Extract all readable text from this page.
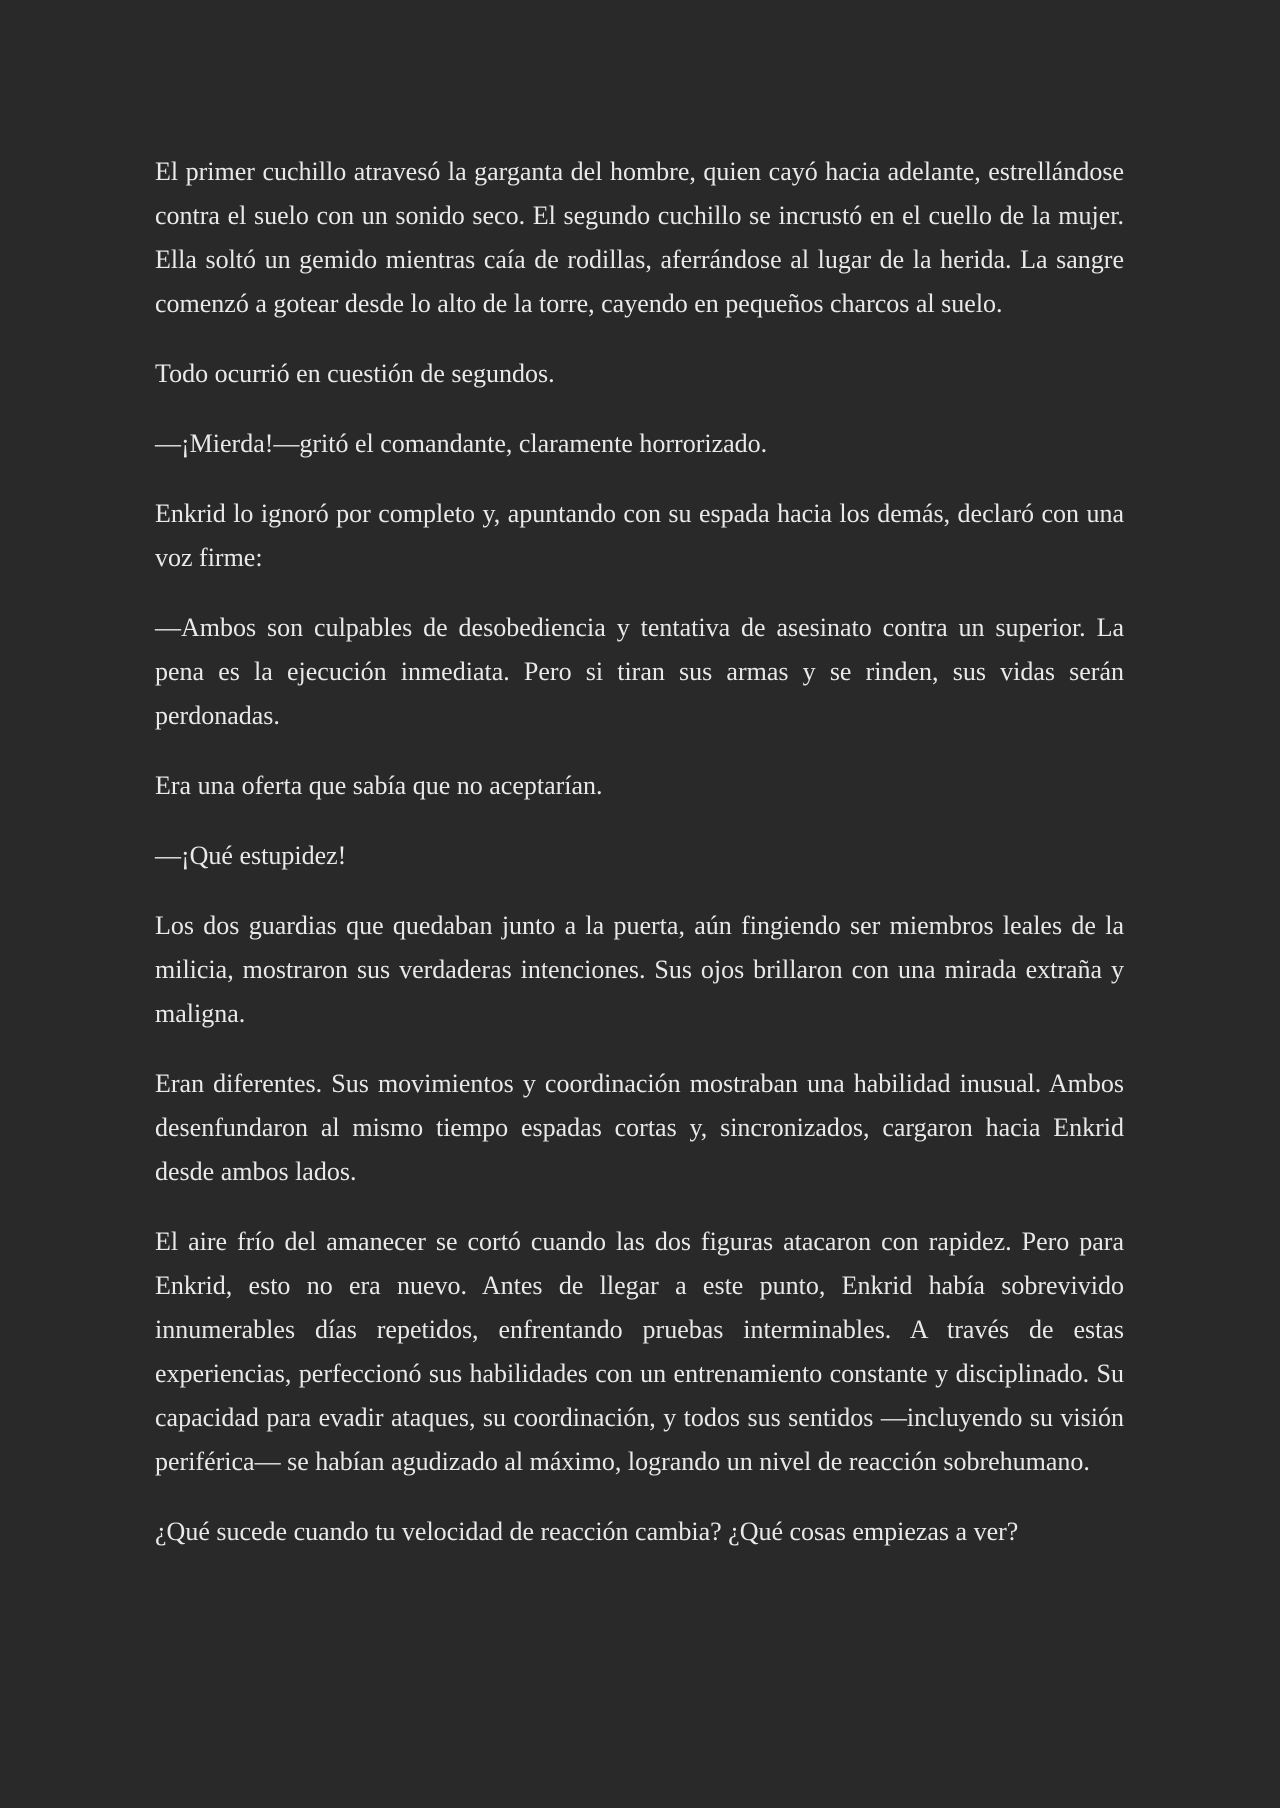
El primer cuchillo atravesó la garganta del hombre, quien cayó hacia adelante, estrellándose contra el suelo con un sonido seco. El segundo cuchillo se incrustó en el cuello de la mujer. Ella soltó un gemido mientras caía de rodillas, aferrándose al lugar de la herida. La sangre comenzó a gotear desde lo alto de la torre, cayendo en pequeños charcos al suelo.

Todo ocurrió en cuestión de segundos.

—¡Mierda!—gritó el comandante, claramente horrorizado.

Enkrid lo ignoró por completo y, apuntando con su espada hacia los demás, declaró con una voz firme:

—Ambos son culpables de desobediencia y tentativa de asesinato contra un superior. La pena es la ejecución inmediata. Pero si tiran sus armas y se rinden, sus vidas serán perdonadas.

Era una oferta que sabía que no aceptarían.

—¡Qué estupidez!

Los dos guardias que quedaban junto a la puerta, aún fingiendo ser miembros leales de la milicia, mostraron sus verdaderas intenciones. Sus ojos brillaron con una mirada extraña y maligna.

Eran diferentes. Sus movimientos y coordinación mostraban una habilidad inusual. Ambos desenfundaron al mismo tiempo espadas cortas y, sincronizados, cargaron hacia Enkrid desde ambos lados.

El aire frío del amanecer se cortó cuando las dos figuras atacaron con rapidez. Pero para Enkrid, esto no era nuevo. Antes de llegar a este punto, Enkrid había sobrevivido innumerables días repetidos, enfrentando pruebas interminables. A través de estas experiencias, perfeccionó sus habilidades con un entrenamiento constante y disciplinado. Su capacidad para evadir ataques, su coordinación, y todos sus sentidos —incluyendo su visión periférica— se habían agudizado al máximo, logrando un nivel de reacción sobrehumano.

¿Qué sucede cuando tu velocidad de reacción cambia? ¿Qué cosas empiezas a ver?
